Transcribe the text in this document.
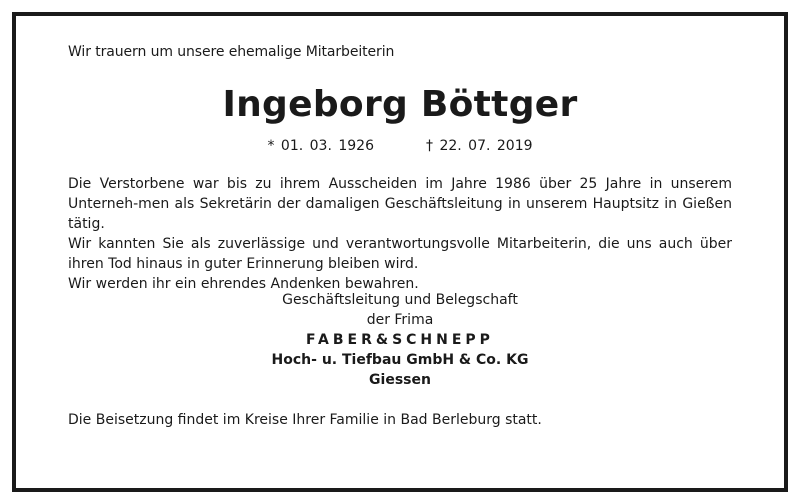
Wir trauern um unsere ehemalige Mitarbeiterin
Ingeborg Böttger
* 01. 03. 1926	† 22. 07. 2019

Die Verstorbene war bis zu ihrem Ausscheiden im Jahre 1986 über 25 Jahre in unserem Unterneh-men als Sekretärin der damaligen Geschäftsleitung in unserem Hauptsitz in Gießen tätig.

Wir kannten Sie als zuverlässige und verantwortungsvolle Mitarbeiterin, die uns auch über ihren Tod hinaus in guter Erinnerung bleiben wird.

Wir werden ihr ein ehrendes Andenken bewahren.

Geschäftsleitung und Belegschaft
der Frima
FABER&SCHNEPP
Hoch- u. Tiefbau GmbH & Co. KG
Giessen
Die Beisetzung findet im Kreise Ihrer Familie in Bad Berleburg statt.
